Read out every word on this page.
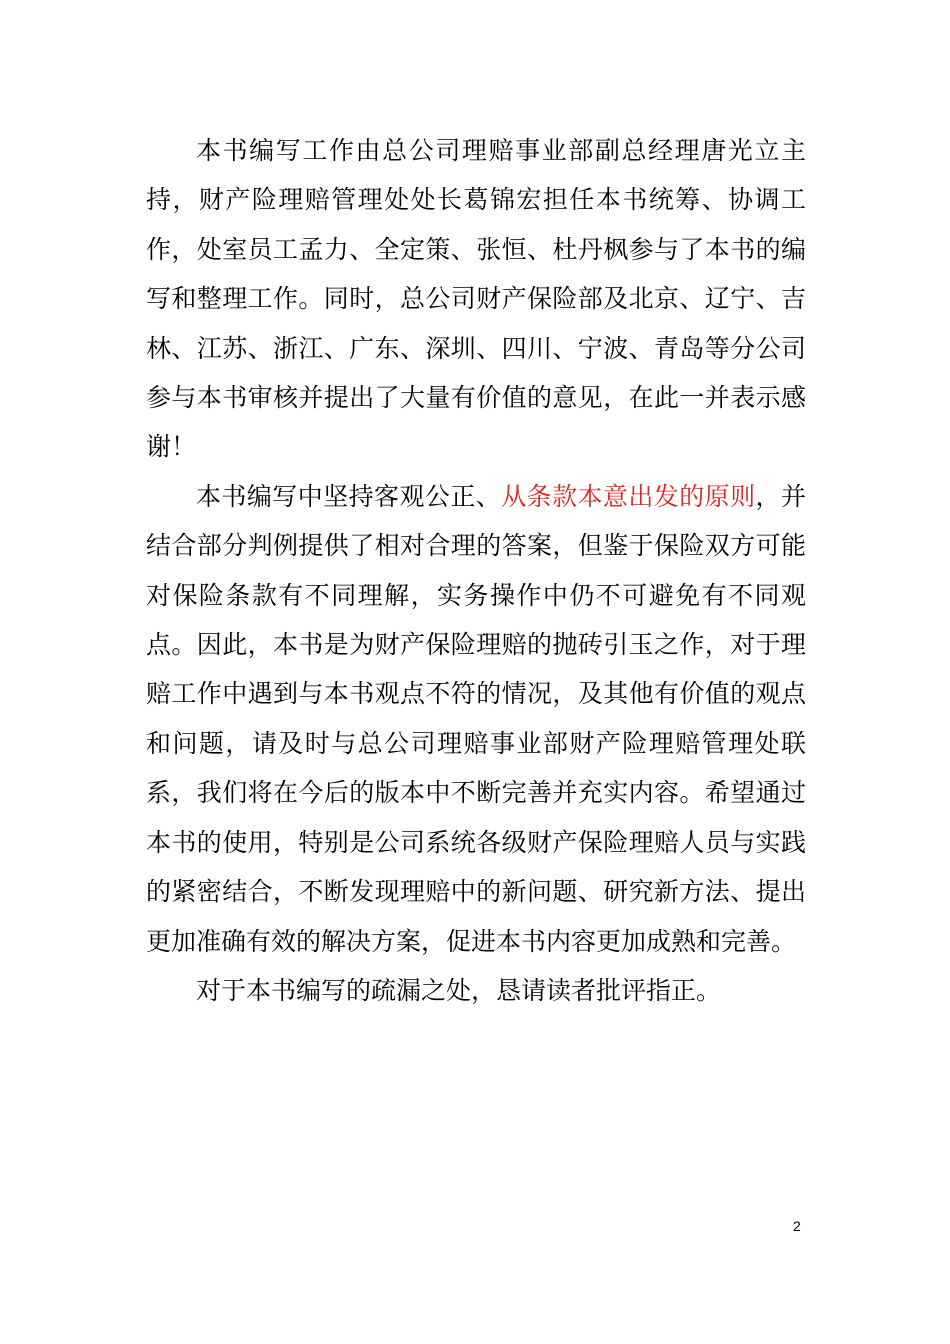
本书编写工作由总公司理赔事业部副总经理唐光立主持，财产险理赔管理处处长葛锦宏担任本书统筹、协调工作，处室员工孟力、全定策、张恒、杜丹枫参与了本书的编写和整理工作。同时，总公司财产保险部及北京、辽宁、吉林、江苏、浙江、广东、深圳、四川、宁波、青岛等分公司参与本书审核并提出了大量有价值的意见，在此一并表示感谢！

本书编写中坚持客观公正、从条款本意出发的原则，并结合部分判例提供了相对合理的答案，但鉴于保险双方可能对保险条款有不同理解，实务操作中仍不可避免有不同观点。因此，本书是为财产保险理赔的抛砖引玉之作，对于理赔工作中遇到与本书观点不符的情况，及其他有价值的观点和问题，请及时与总公司理赔事业部财产险理赔管理处联系，我们将在今后的版本中不断完善并充实内容。希望通过本书的使用，特别是公司系统各级财产保险理赔人员与实践的紧密结合，不断发现理赔中的新问题、研究新方法、提出更加准确有效的解决方案，促进本书内容更加成熟和完善。

对于本书编写的疏漏之处，恳请读者批评指正。

2
